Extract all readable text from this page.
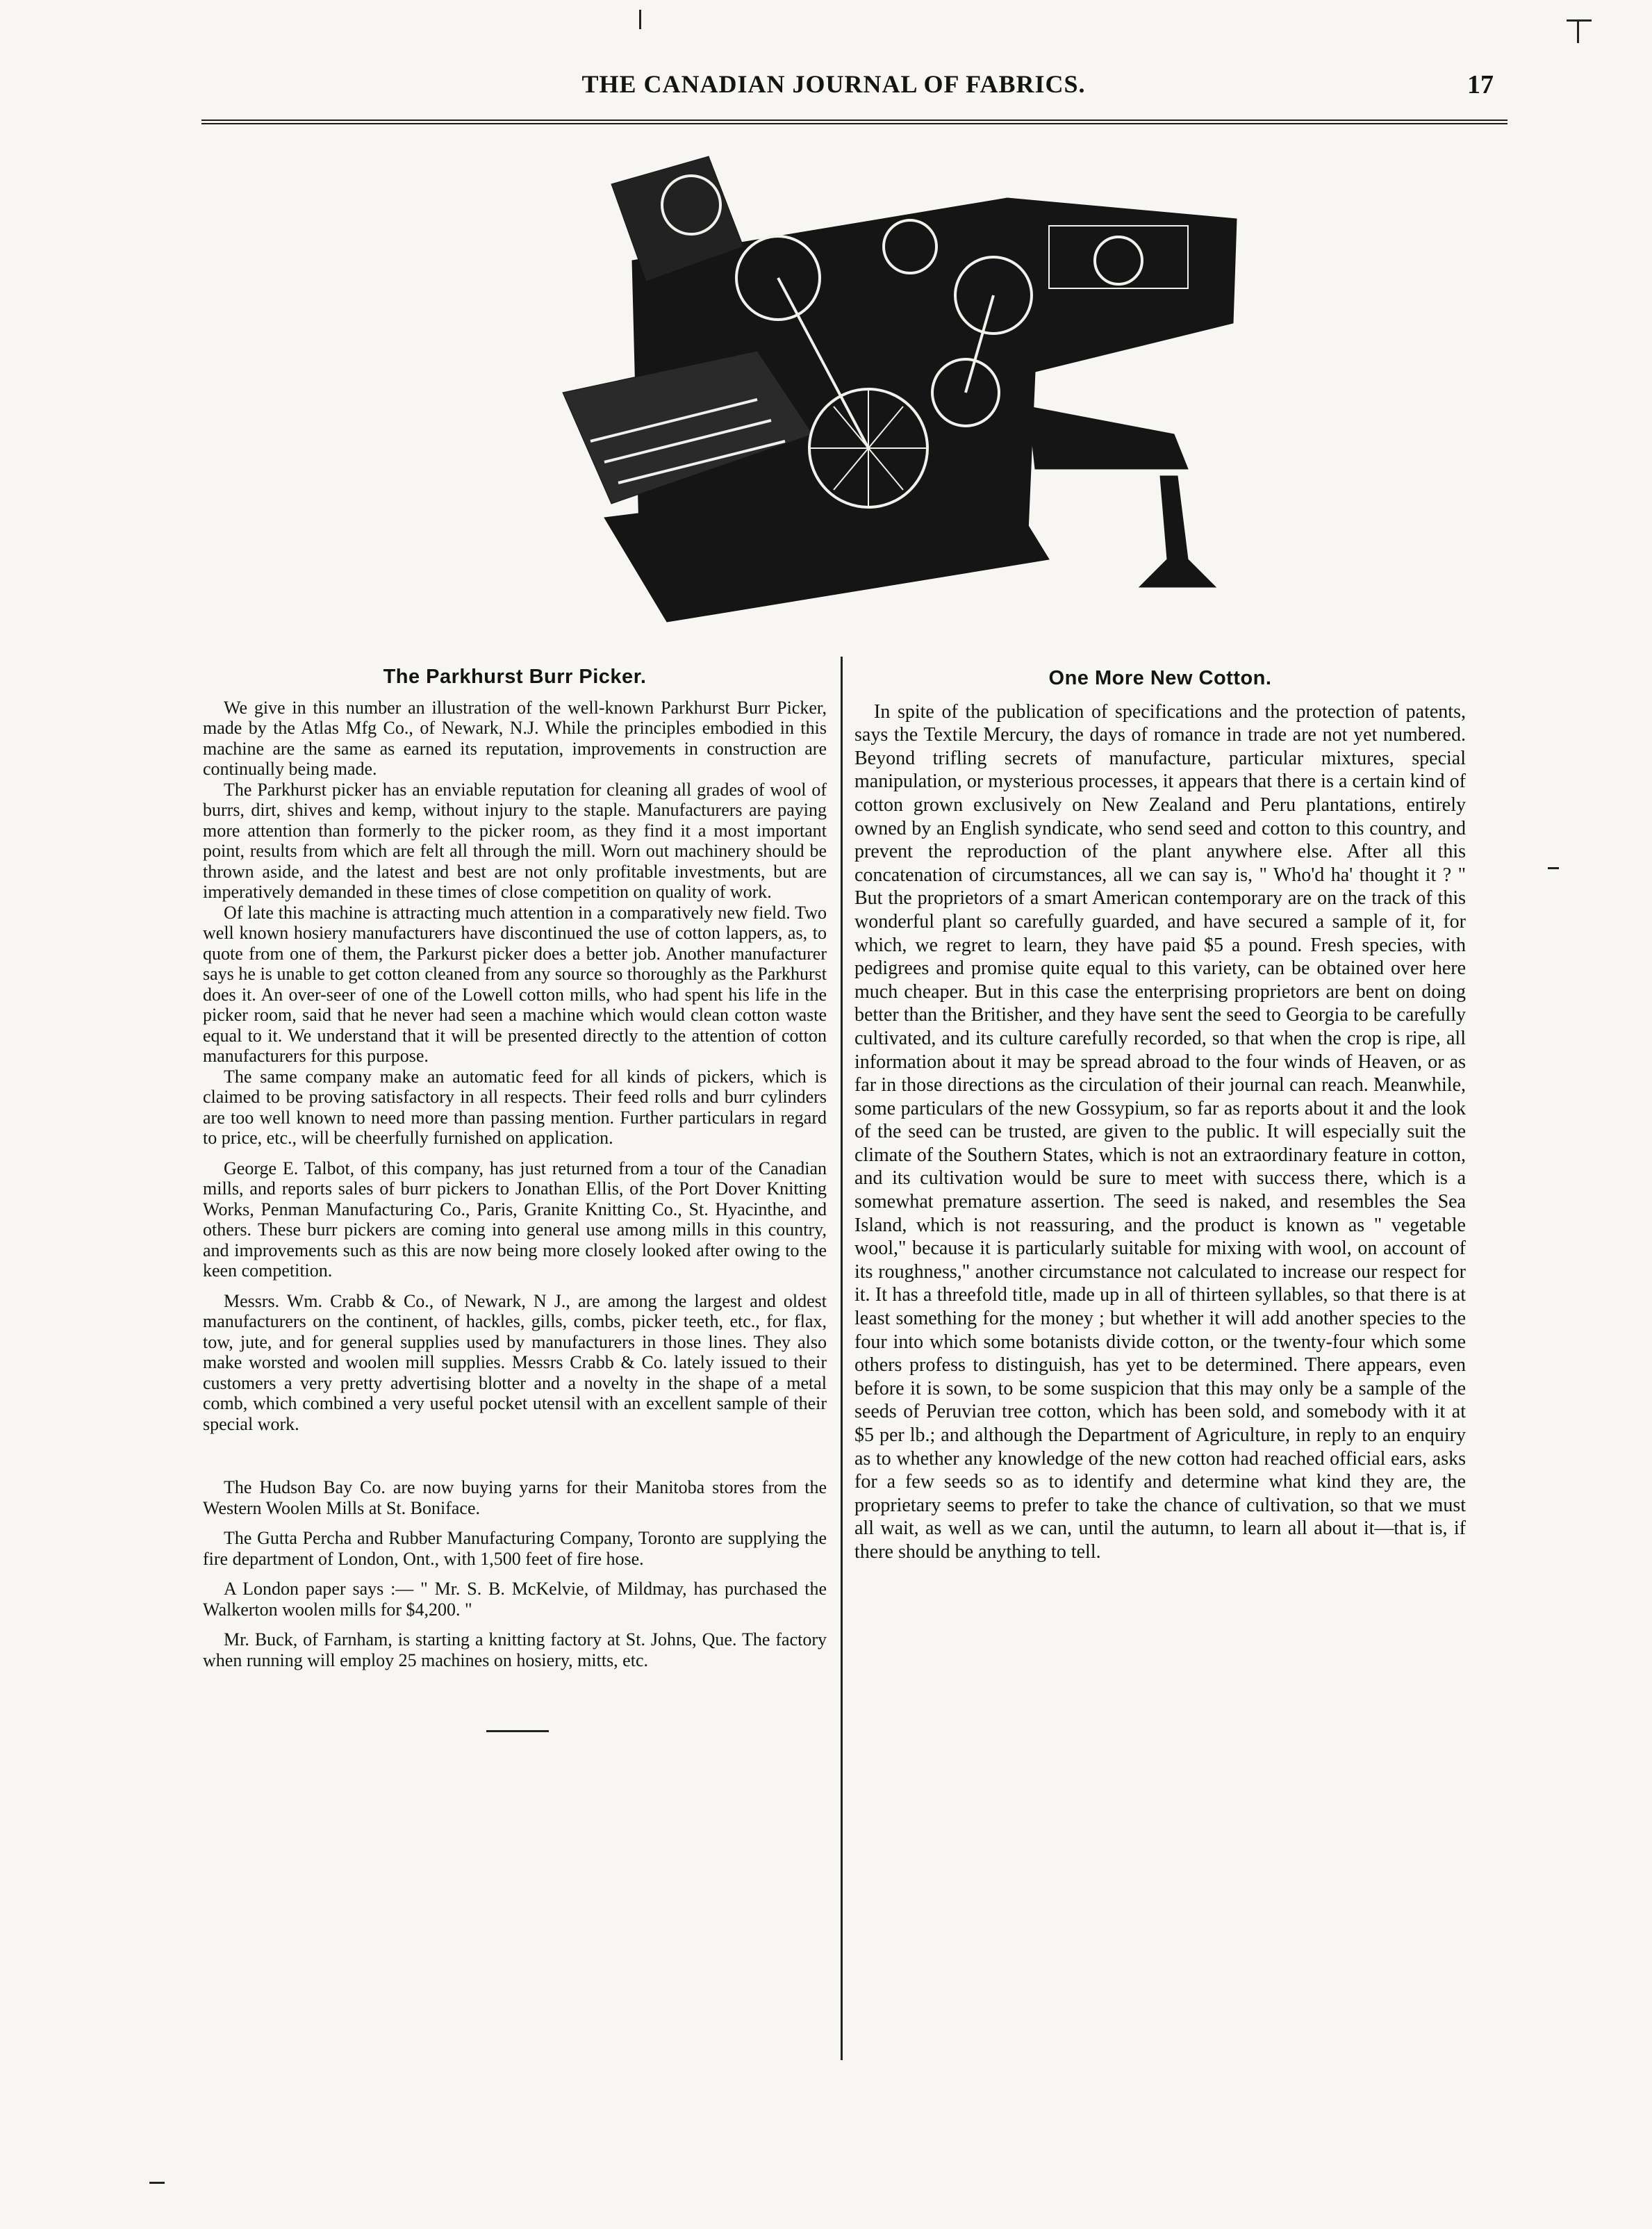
THE CANADIAN JOURNAL OF FABRICS.	17
The Parkhurst Burr Picker.

We give in this number an illustration of the well-known Parkhurst Burr Picker, made by the Atlas Mfg Co., of Newark, N.J. While the principles embodied in this machine are the same as earned its reputation, improvements in construction are continually being made.

The Parkhurst picker has an enviable reputation for cleaning all grades of wool of burrs, dirt, shives and kemp, without injury to the staple. Manufacturers are paying more attention than formerly to the picker room, as they find it a most important point, results from which are felt all through the mill. Worn out machinery should be thrown aside, and the latest and best are not only profitable investments, but are imperatively demanded in these times of close competition on quality of work.

Of late this machine is attracting much attention in a comparatively new field. Two well known hosiery manufacturers have discontinued the use of cotton lappers, as, to quote from one of them, the Parkurst picker does a better job. Another manufacturer says he is unable to get cotton cleaned from any source so thoroughly as the Parkhurst does it. An over-seer of one of the Lowell cotton mills, who had spent his life in the picker room, said that he never had seen a machine which would clean cotton waste equal to it. We understand that it will be presented directly to the attention of cotton manufacturers for this purpose.

The same company make an automatic feed for all kinds of pickers, which is claimed to be proving satisfactory in all respects. Their feed rolls and burr cylinders are too well known to need more than passing mention. Further particulars in regard to price, etc., will be cheerfully furnished on application.

George E. Talbot, of this company, has just returned from a tour of the Canadian mills, and reports sales of burr pickers to Jonathan Ellis, of the Port Dover Knitting Works, Penman Manufacturing Co., Paris, Granite Knitting Co., St. Hyacinthe, and others. These burr pickers are coming into general use among mills in this country, and improvements such as this are now being more closely looked after owing to the keen competition.

Messrs. Wm. Crabb & Co., of Newark, N J., are among the largest and oldest manufacturers on the continent, of hackles, gills, combs, picker teeth, etc., for flax, tow, jute, and for general supplies used by manufacturers in those lines. They also make worsted and woolen mill supplies. Messrs Crabb & Co. lately issued to their customers a very pretty advertising blotter and a novelty in the shape of a metal comb, which combined a very useful pocket utensil with an excellent sample of their special work.

The Hudson Bay Co. are now buying yarns for their Manitoba stores from the Western Woolen Mills at St. Boniface.

The Gutta Percha and Rubber Manufacturing Company, Toronto are supplying the fire department of London, Ont., with 1,500 feet of fire hose.

A London paper says :— " Mr. S. B. McKelvie, of Mildmay, has purchased the Walkerton woolen mills for $4,200. "

Mr. Buck, of Farnham, is starting a knitting factory at St. Johns, Que. The factory when running will employ 25 machines on hosiery, mitts, etc.

One More New Cotton.

In spite of the publication of specifications and the protection of patents, says the Textile Mercury, the days of romance in trade are not yet numbered. Beyond trifling secrets of manufacture, particular mixtures, special manipulation, or mysterious processes, it appears that there is a certain kind of cotton grown exclusively on New Zealand and Peru plantations, entirely owned by an English syndicate, who send seed and cotton to this country, and prevent the reproduction of the plant anywhere else. After all this concatenation of circumstances, all we can say is, " Who'd ha' thought it ? " But the proprietors of a smart American contemporary are on the track of this wonderful plant so carefully guarded, and have secured a sample of it, for which, we regret to learn, they have paid $5 a pound. Fresh species, with pedigrees and promise quite equal to this variety, can be obtained over here much cheaper. But in this case the enterprising proprietors are bent on doing better than the Britisher, and they have sent the seed to Georgia to be carefully cultivated, and its culture carefully recorded, so that when the crop is ripe, all information about it may be spread abroad to the four winds of Heaven, or as far in those directions as the circulation of their journal can reach. Meanwhile, some particulars of the new Gossypium, so far as reports about it and the look of the seed can be trusted, are given to the public. It will especially suit the climate of the Southern States, which is not an extraordinary feature in cotton, and its cultivation would be sure to meet with success there, which is a somewhat premature assertion. The seed is naked, and resembles the Sea Island, which is not reassuring, and the product is known as " vegetable wool," because it is particularly suitable for mixing with wool, on account of its roughness," another circumstance not calculated to increase our respect for it. It has a threefold title, made up in all of thirteen syllables, so that there is at least something for the money ; but whether it will add another species to the four into which some botanists divide cotton, or the twenty-four which some others profess to distinguish, has yet to be determined. There appears, even before it is sown, to be some suspicion that this may only be a sample of the seeds of Peruvian tree cotton, which has been sold, and somebody with it at $5 per lb.; and although the Department of Agriculture, in reply to an enquiry as to whether any knowledge of the new cotton had reached official ears, asks for a few seeds so as to identify and determine what kind they are, the proprietary seems to prefer to take the chance of cultivation, so that we must all wait, as well as we can, until the autumn, to learn all about it—that is, if there should be anything to tell.
